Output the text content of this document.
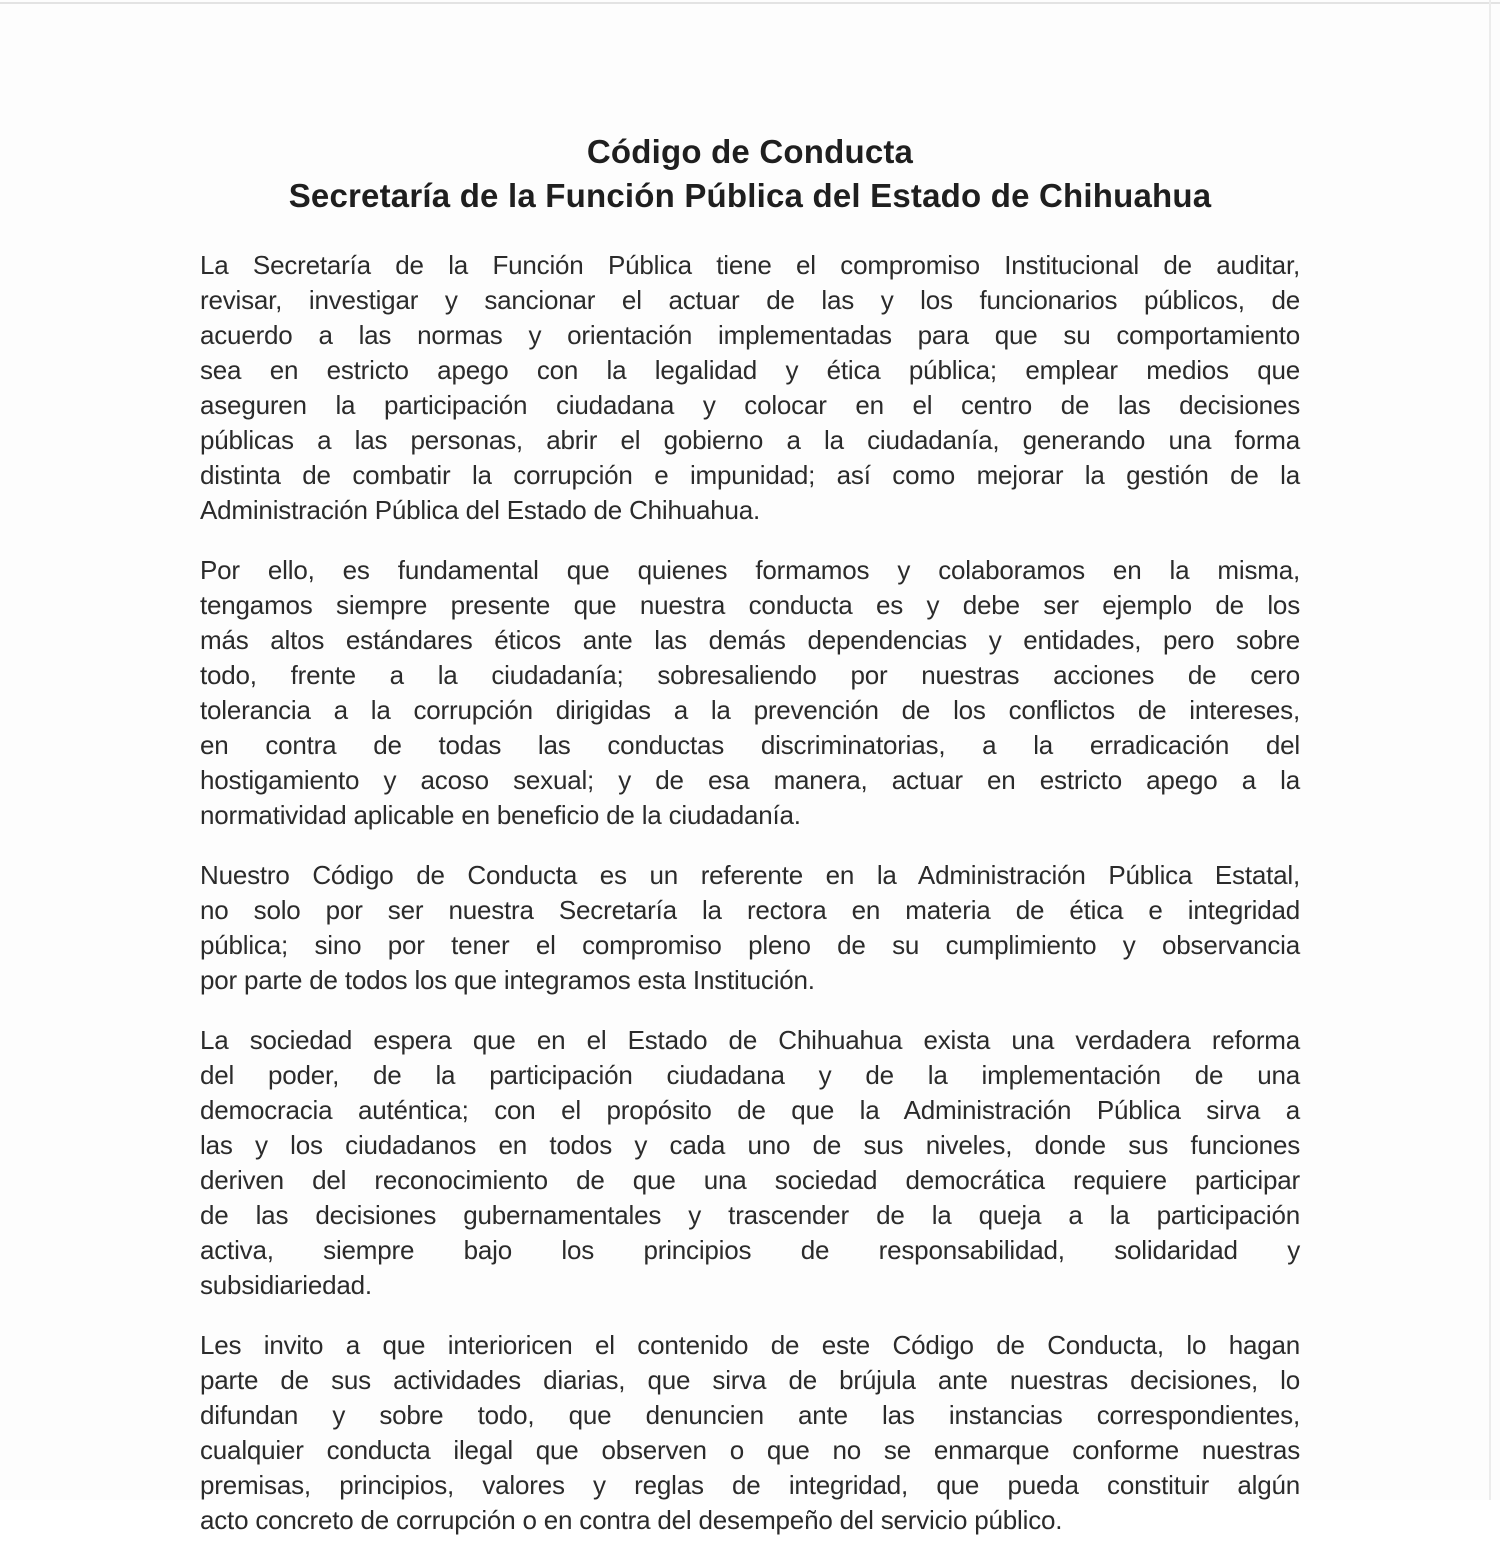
Código de Conducta
Secretaría de la Función Pública del Estado de Chihuahua
La Secretaría de la Función Pública tiene el compromiso Institucional de auditar,
revisar, investigar y sancionar el actuar de las y los funcionarios públicos, de
acuerdo a las normas y orientación implementadas para que su comportamiento
sea en estricto apego con la legalidad y ética pública; emplear medios que
aseguren la participación ciudadana y colocar en el centro de las decisiones
públicas a las personas, abrir el gobierno a la ciudadanía, generando una forma
distinta de combatir la corrupción e impunidad; así como mejorar la gestión de la
Administración Pública del Estado de Chihuahua.
Por ello, es fundamental que quienes formamos y colaboramos en la misma,
tengamos siempre presente que nuestra conducta es y debe ser ejemplo de los
más altos estándares éticos ante las demás dependencias y entidades, pero sobre
todo, frente a la ciudadanía; sobresaliendo por nuestras acciones de cero
tolerancia a la corrupción dirigidas a la prevención de los conflictos de intereses,
en contra de todas las conductas discriminatorias, a la erradicación del
hostigamiento y acoso sexual; y de esa manera, actuar en estricto apego a la
normatividad aplicable en beneficio de la ciudadanía.
Nuestro Código de Conducta es un referente en la Administración Pública Estatal,
no solo por ser nuestra Secretaría la rectora en materia de ética e integridad
pública; sino por tener el compromiso pleno de su cumplimiento y observancia
por parte de todos los que integramos esta Institución.
La sociedad espera que en el Estado de Chihuahua exista una verdadera reforma
del poder, de la participación ciudadana y de la implementación de una
democracia auténtica; con el propósito de que la Administración Pública sirva a
las y los ciudadanos en todos y cada uno de sus niveles, donde sus funciones
deriven del reconocimiento de que una sociedad democrática requiere participar
de las decisiones gubernamentales y trascender de la queja a la participación
activa, siempre bajo los principios de responsabilidad, solidaridad y
subsidiariedad.
Les invito a que interioricen el contenido de este Código de Conducta, lo hagan
parte de sus actividades diarias, que sirva de brújula ante nuestras decisiones, lo
difundan y sobre todo, que denuncien ante las instancias correspondientes,
cualquier conducta ilegal que observen o que no se enmarque conforme nuestras
premisas, principios, valores y reglas de integridad, que pueda constituir algún
acto concreto de corrupción o en contra del desempeño del servicio público.
